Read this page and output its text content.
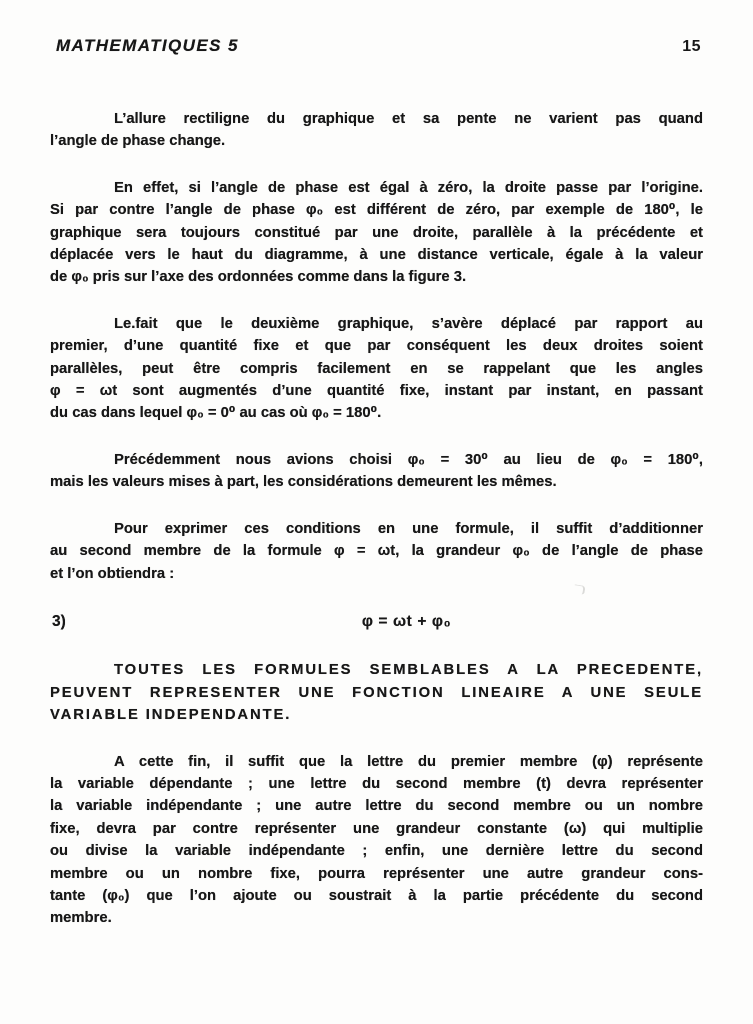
MATHEMATIQUES 5	15
L’allure rectiligne du graphique et sa pente ne varient pas quand
l’angle de phase change.
En effet, si l’angle de phase est égal à zéro, la droite passe par l’origine.
Si par contre l’angle de phase φ₀ est différent de zéro, par exemple de 180⁰, le
graphique sera toujours constitué par une droite, parallèle à la précédente et
déplacée vers le haut du diagramme, à une distance verticale, égale à la valeur
de φ₀ pris sur l’axe des ordonnées comme dans la figure 3.
Le.fait que le deuxième graphique, s’avère déplacé par rapport au
premier, d’une quantité fixe et que par conséquent les deux droites soient
parallèles, peut être compris facilement en se rappelant que les angles
φ = ωt sont augmentés d’une quantité fixe, instant par instant, en passant
du cas dans lequel φ₀ = 0⁰ au cas où φ₀ = 180⁰.
Précédemment nous avions choisi φ₀ = 30⁰ au lieu de φ₀ = 180⁰,
mais les valeurs mises à part, les considérations demeurent les mêmes.
Pour exprimer ces conditions en une formule, il suffit d’additionner
au second membre de la formule φ = ωt, la grandeur φ₀ de l’angle de phase
et l’on obtiendra :
3)	φ = ωt + φ₀
TOUTES LES FORMULES SEMBLABLES A LA PRECEDENTE,
PEUVENT REPRESENTER UNE FONCTION LINEAIRE A UNE SEULE
VARIABLE INDEPENDANTE.
A cette fin, il suffit que la lettre du premier membre (φ) représente
la variable dépendante ; une lettre du second membre (t) devra représenter
la variable indépendante ; une autre lettre du second membre ou un nombre
fixe, devra par contre représenter une grandeur constante (ω) qui multiplie
ou divise la variable indépendante ; enfin, une dernière lettre du second
membre ou un nombre fixe, pourra représenter une autre grandeur cons-
tante (φ₀) que l’on ajoute ou soustrait à la partie précédente du second
membre.
